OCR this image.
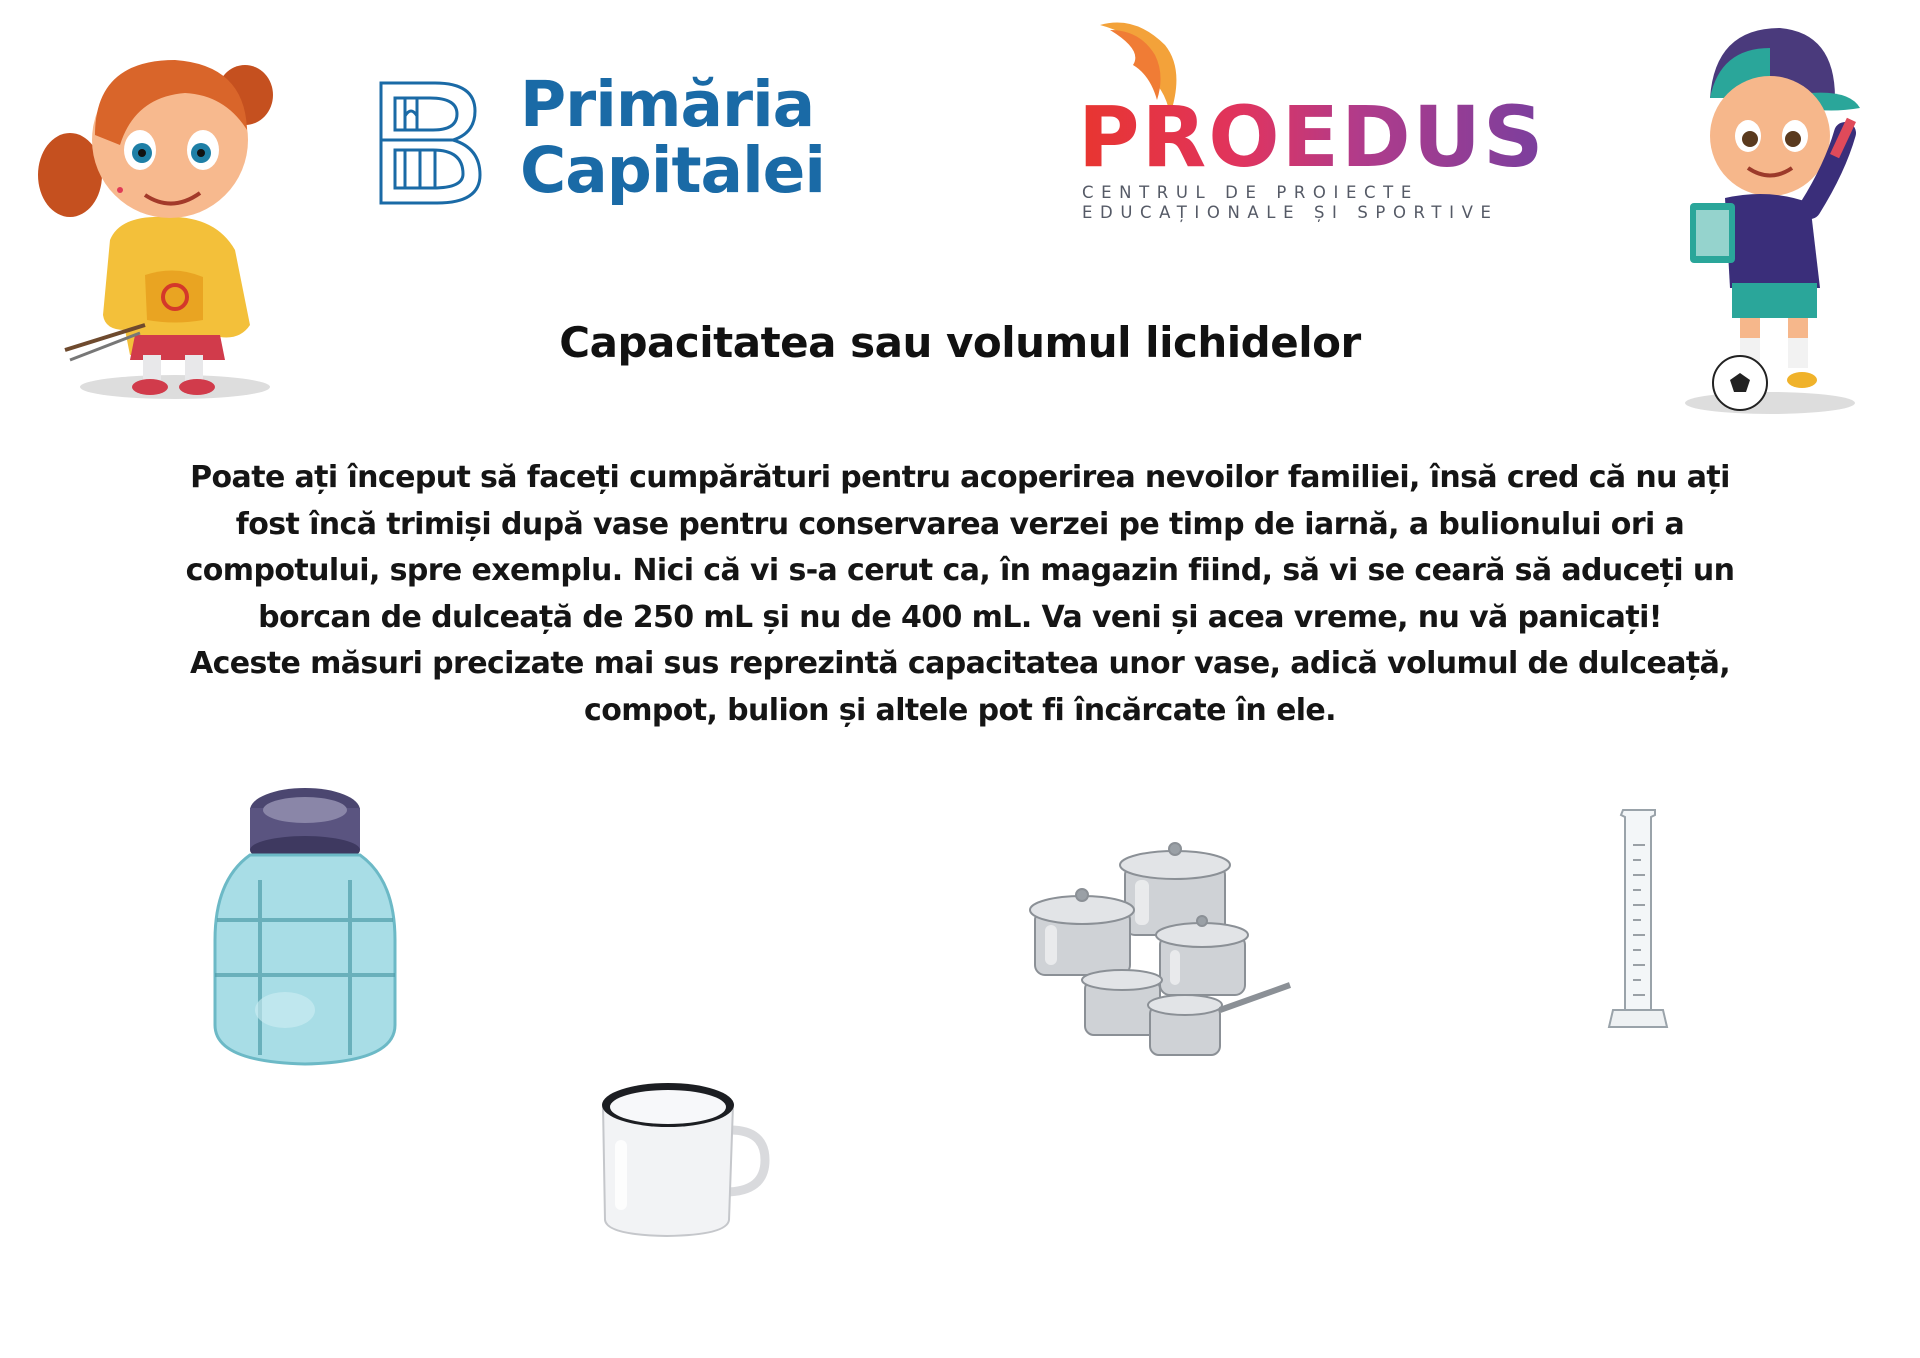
Primăria
Capitalei	PROEDUS
CENTRUL DE PROIECTE
EDUCAȚIONALE ȘI SPORTIVE
Capacitatea sau volumul lichidelor
Poate ați început să faceți cumpărături pentru acoperirea nevoilor familiei, însă cred că nu ați
fost încă trimiși după vase pentru conservarea verzei pe timp de iarnă, a bulionului ori a
compotului, spre exemplu. Nici că vi s-a cerut ca, în magazin fiind, să vi se ceară să aduceți un
borcan de dulceață de 250 mL și nu de 400 mL. Va veni și acea vreme, nu vă panicați!
Aceste măsuri precizate mai sus reprezintă capacitatea unor vase, adică volumul de dulceață,
compot, bulion și altele pot fi încărcate în ele.
